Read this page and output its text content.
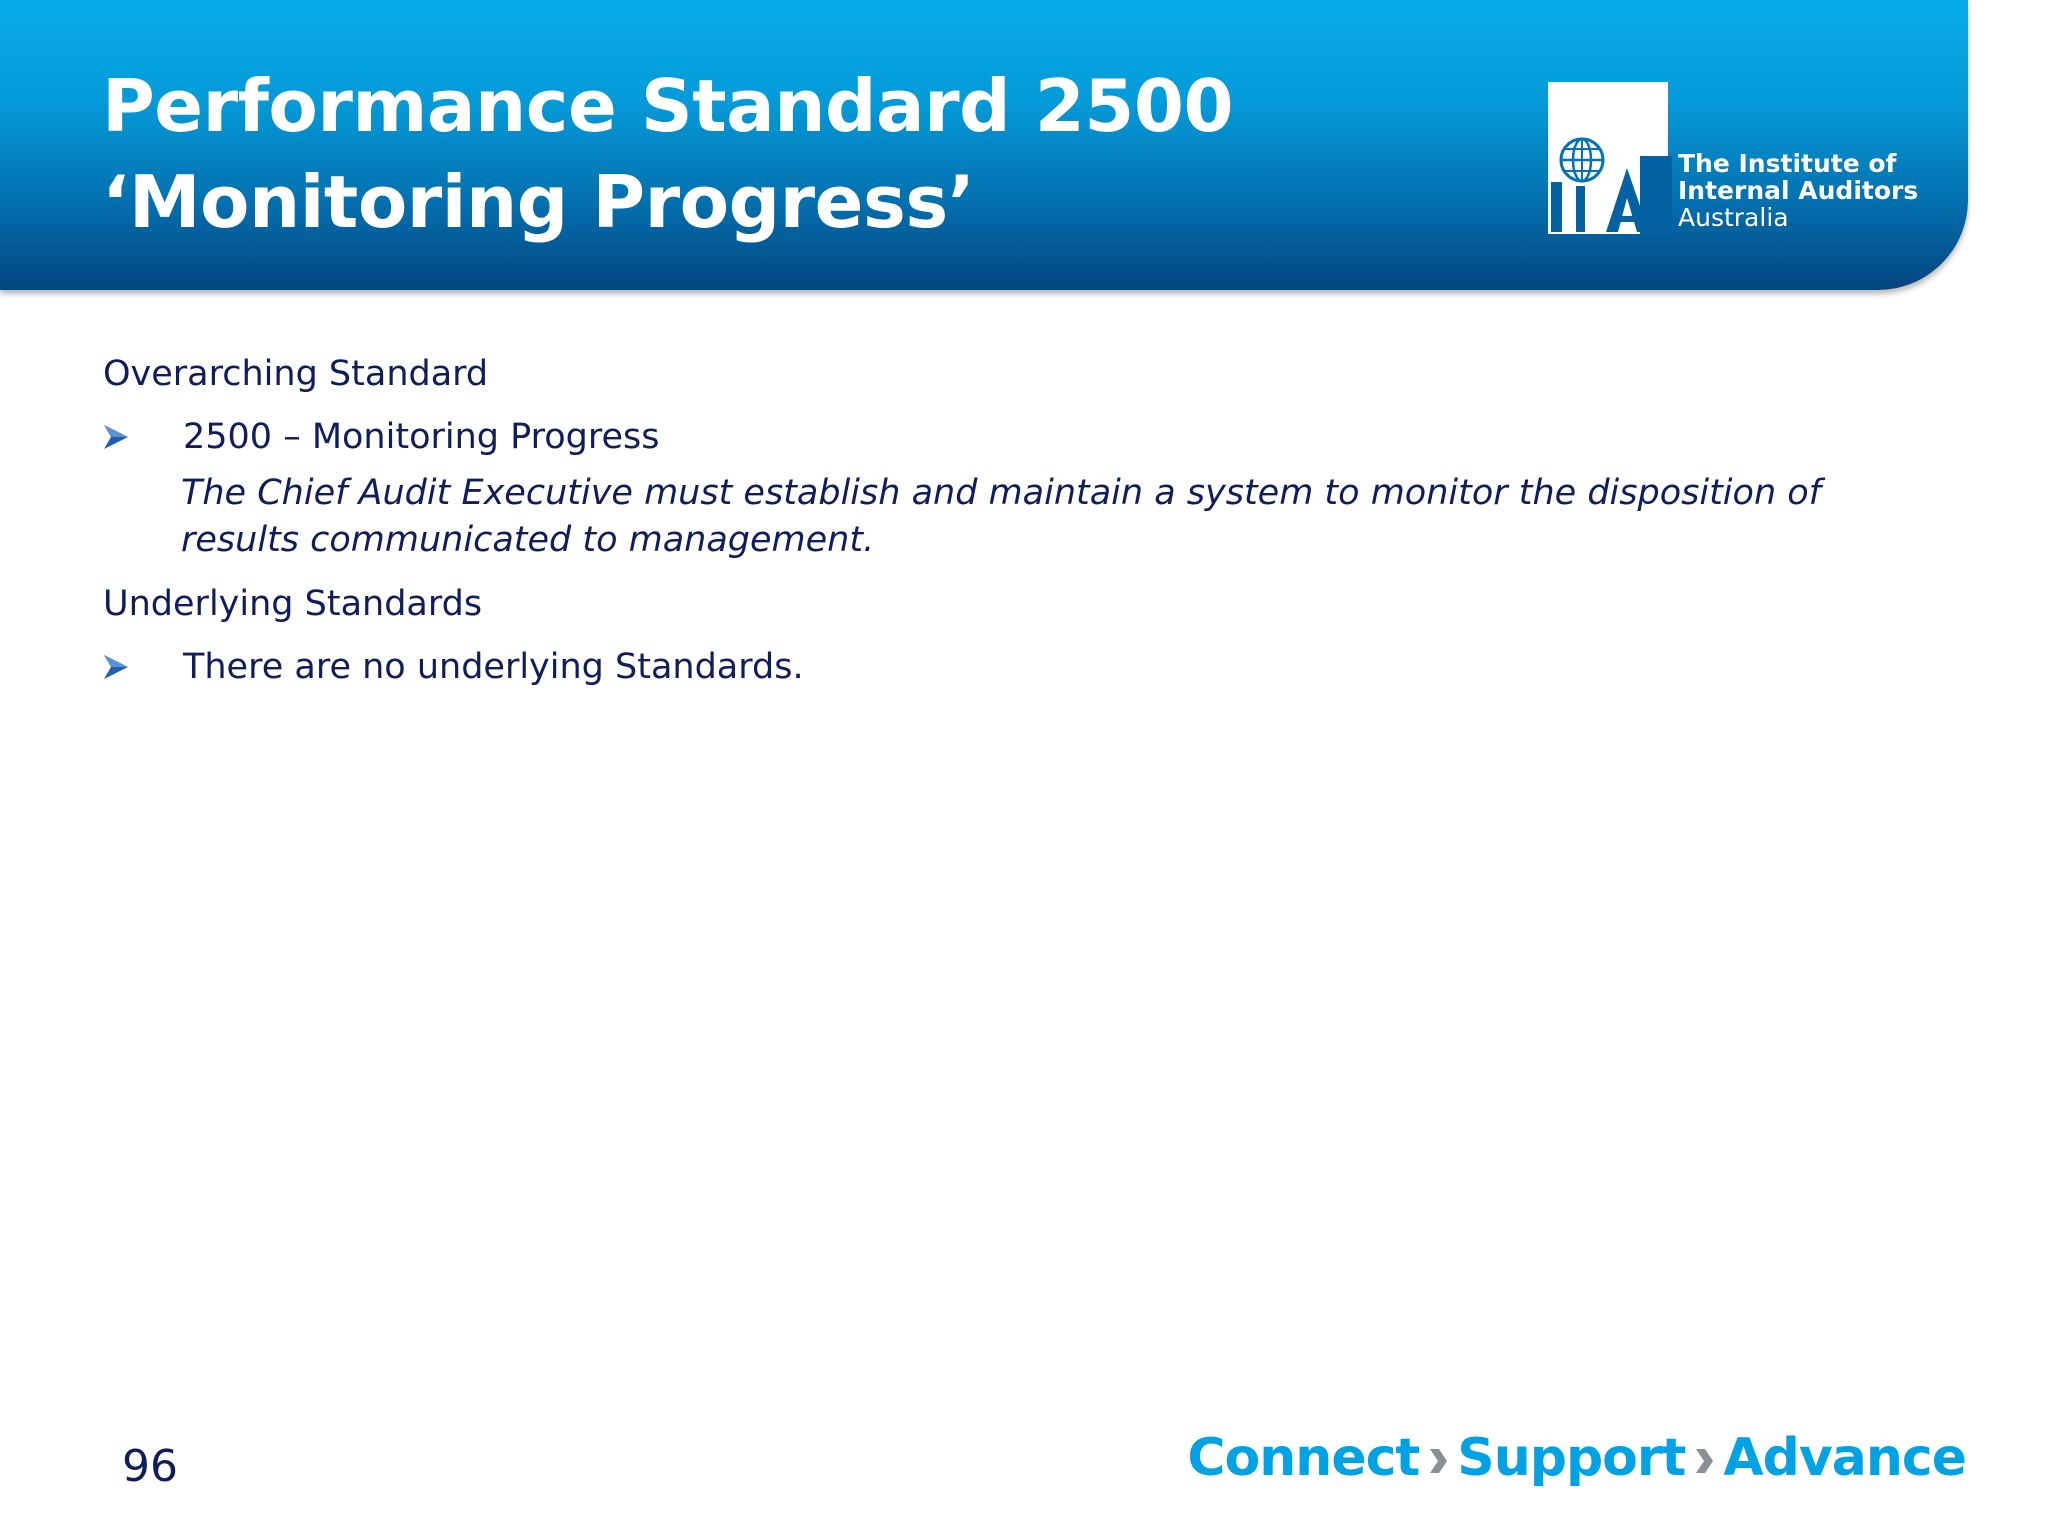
Performance Standard 2500
‘Monitoring Progress’	The Institute of
Internal Auditors
Australia

Overarching Standard

2500 – Monitoring Progress

The Chief Audit Executive must establish and maintain a system to monitor the disposition of results communicated to management.

Underlying Standards

There are no underlying Standards.

96	Connect Support Advance
